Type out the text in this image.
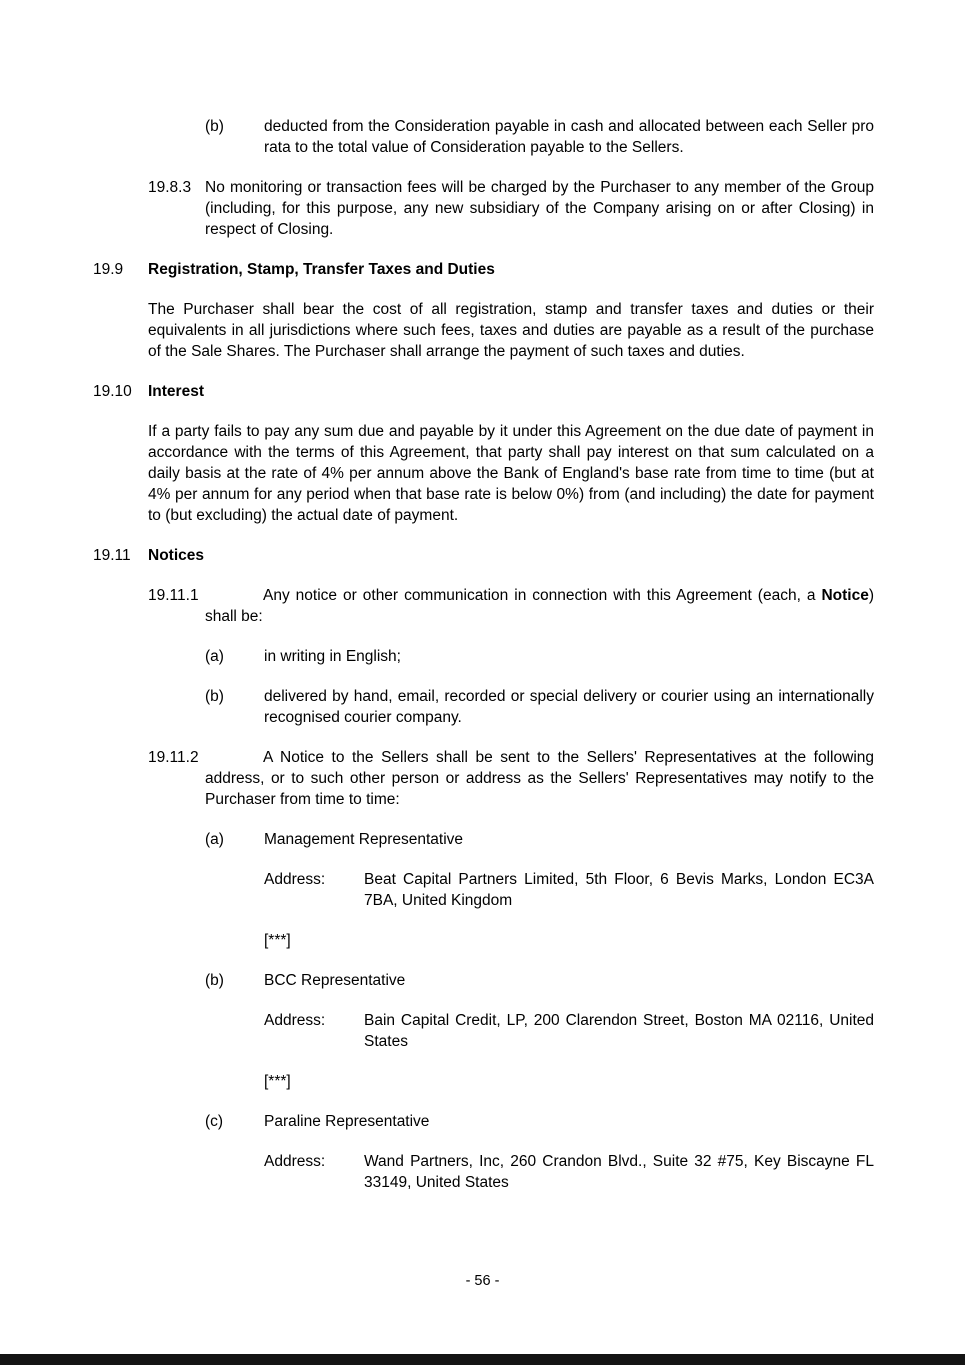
(b)	deducted from the Consideration payable in cash and allocated between each Seller pro rata to the total value of Consideration payable to the Sellers.

19.8.3 No monitoring or transaction fees will be charged by the Purchaser to any member of the Group (including, for this purpose, any new subsidiary of the Company arising on or after Closing) in respect of Closing.

19.9	Registration, Stamp, Transfer Taxes and Duties

The Purchaser shall bear the cost of all registration, stamp and transfer taxes and duties or their equivalents in all jurisdictions where such fees, taxes and duties are payable as a result of the purchase of the Sale Shares. The Purchaser shall arrange the payment of such taxes and duties.

19.10	Interest

If a party fails to pay any sum due and payable by it under this Agreement on the due date of payment in accordance with the terms of this Agreement, that party shall pay interest on that sum calculated on a daily basis at the rate of 4% per annum above the Bank of England's base rate from time to time (but at 4% per annum for any period when that base rate is below 0%) from (and including) the date for payment to (but excluding) the actual date of payment.

19.11	Notices
19.11.1	Any notice or other communication in connection with this Agreement (each, a Notice) shall be:

(a)	in writing in English;

(b)	delivered by hand, email, recorded or special delivery or courier using an internationally recognised courier company.

19.11.2	A Notice to the Sellers shall be sent to the Sellers' Representatives at the following address, or to such other person or address as the Sellers' Representatives may notify to the Purchaser from time to time:

(a)	Management Representative

Address:	Beat Capital Partners Limited, 5th Floor, 6 Bevis Marks, London EC3A 7BA, United Kingdom

[***]

(b)	BCC Representative

Address:	Bain Capital Credit, LP, 200 Clarendon Street, Boston MA 02116, United States

[***]

(c)	Paraline Representative

Address:	Wand Partners, Inc, 260 Crandon Blvd., Suite 32 #75, Key Biscayne FL 33149, United States

- 56 -
